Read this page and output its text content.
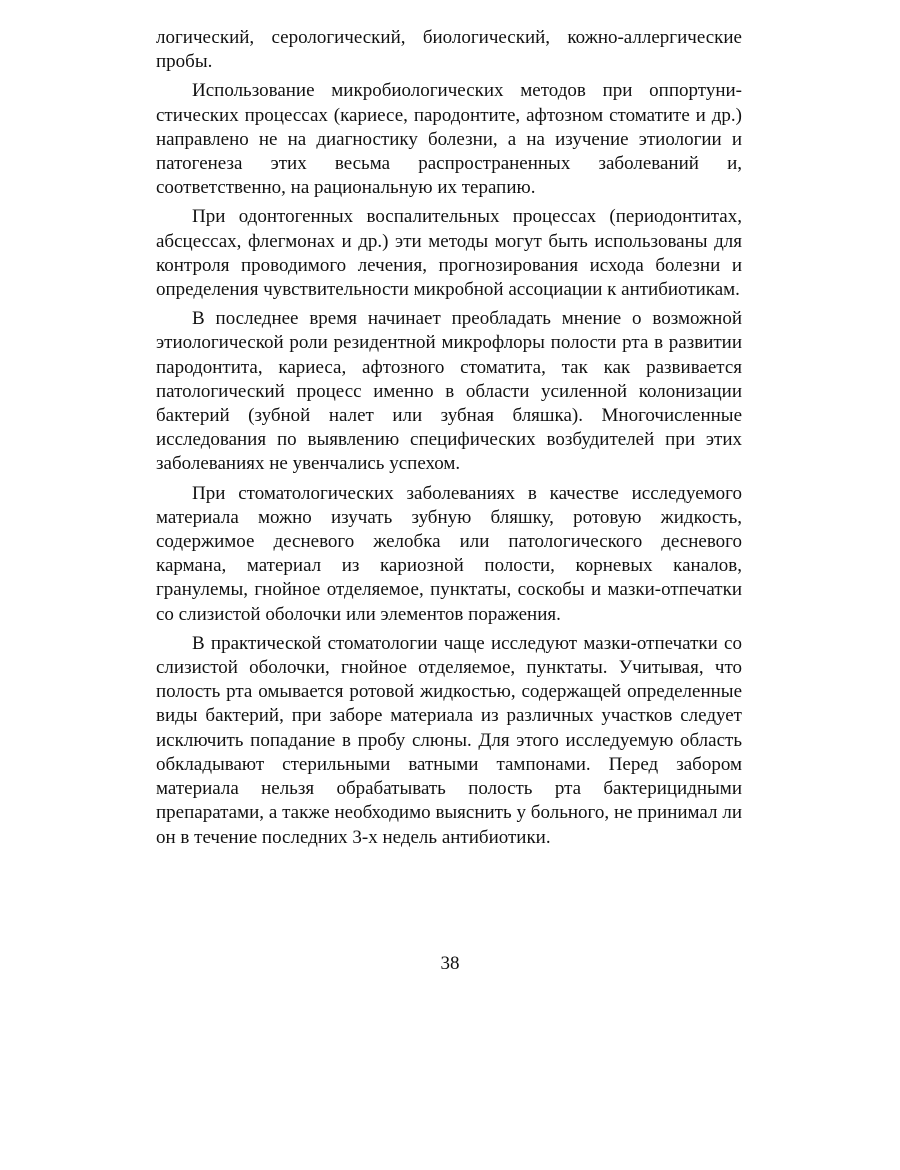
логический, серологический, биологический, кожно-аллергические пробы.

Использование микробиологических методов при оппортунистических процессах (кариесе, пародонтите, афтозном стоматите и др.) направлено не на диагностику болезни, а на изучение этиологии и патогенеза этих весьма распространенных заболеваний и, соответственно, на рациональную их терапию.

При одонтогенных воспалительных процессах (периодонтитах, абсцессах, флегмонах и др.) эти методы могут быть использованы для контроля проводимого лечения, прогнозирования исхода болезни и определения чувствительности микробной ассоциации к антибиотикам.

В последнее время начинает преобладать мнение о возможной этиологической роли резидентной микрофлоры полости рта в развитии пародонтита, кариеса, афтозного стоматита, так как развивается патологический процесс именно в области усиленной колонизации бактерий (зубной налет или зубная бляшка). Многочисленные исследования по выявлению специфических возбудителей при этих заболеваниях не увенчались успехом.

При стоматологических заболеваниях в качестве исследуемого материала можно изучать зубную бляшку, ротовую жидкость, содержимое десневого желобка или патологического десневого кармана, материал из кариозной полости, корневых каналов, гранулемы, гнойное отделяемое, пунктаты, соскобы и мазки-отпечатки со слизистой оболочки или элементов поражения.

В практической стоматологии чаще исследуют мазки-отпечатки со слизистой оболочки, гнойное отделяемое, пунктаты. Учитывая, что полость рта омывается ротовой жидкостью, содержащей определенные виды бактерий, при заборе материала из различных участков следует исключить попадание в пробу слюны. Для этого исследуемую область обкладывают стерильными ватными тампонами. Перед забором материала нельзя обрабатывать полость рта бактерицидными препаратами, а также необходимо выяснить у больного, не принимал ли он в течение последних 3-х недель антибиотики.

38
